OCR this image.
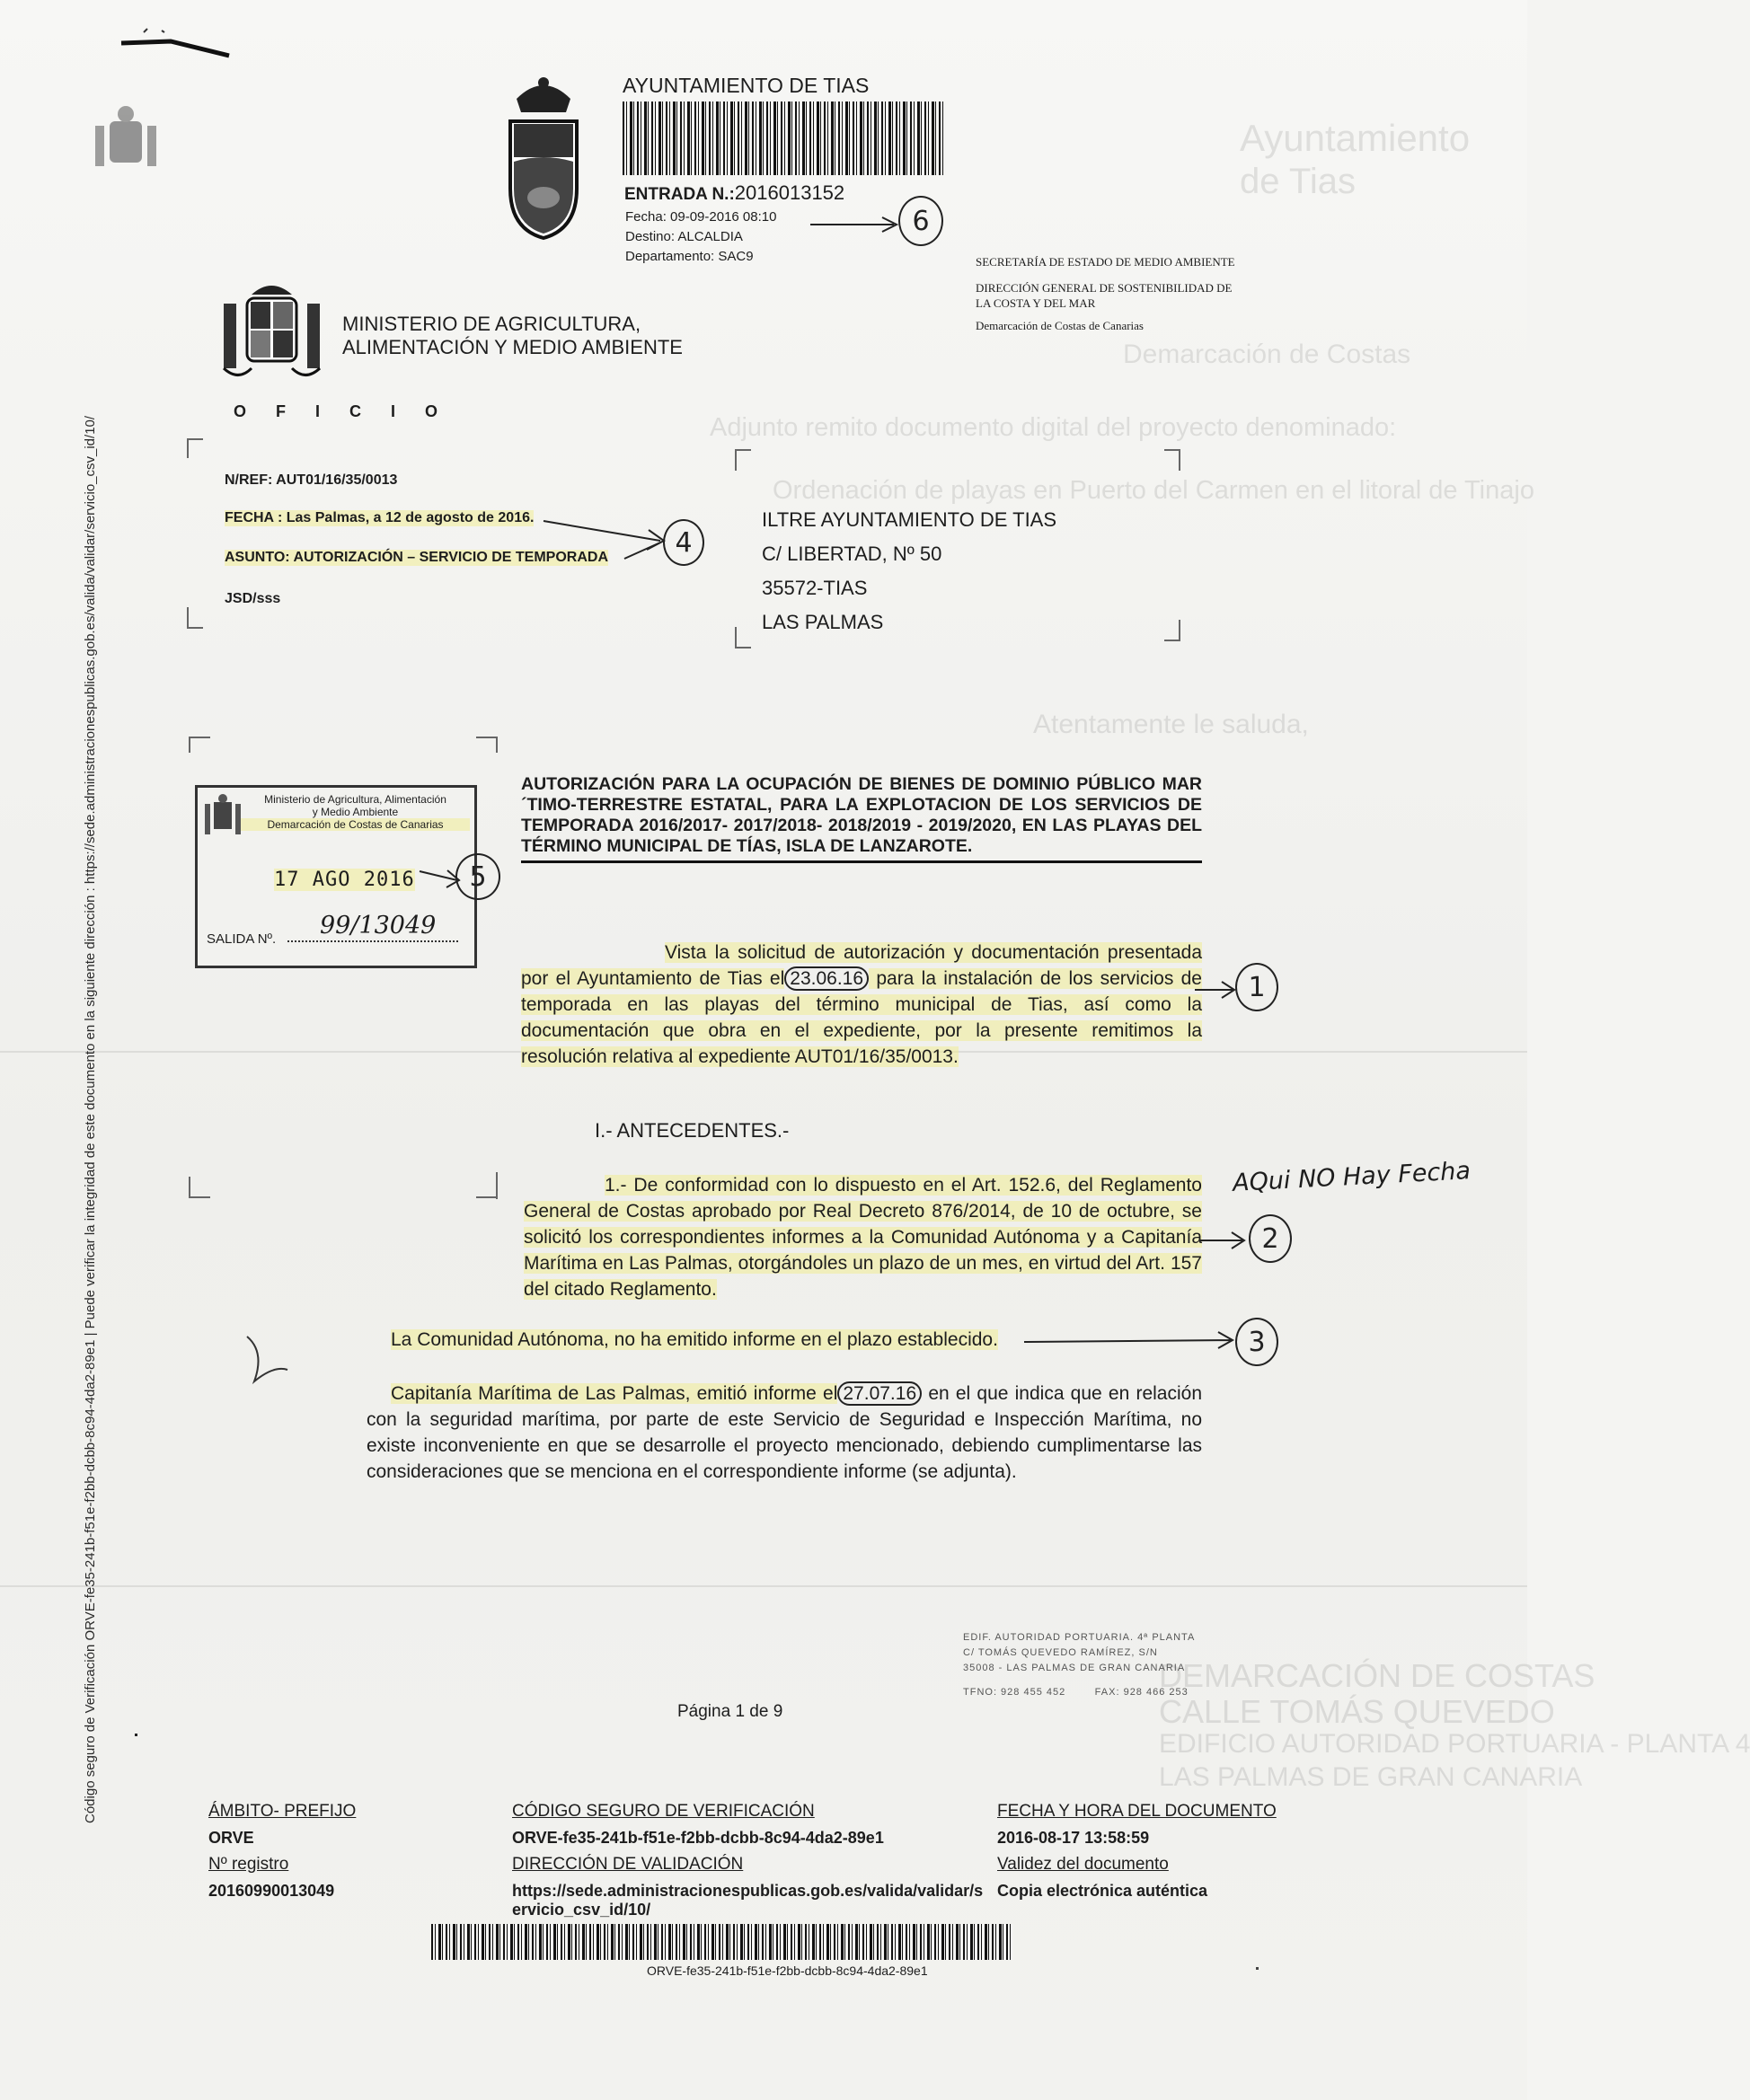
Ayuntamiento
de Tias
Demarcación de Costas
Adjunto remito documento digital del proyecto denominado:
Ordenación de playas en Puerto del Carmen en el litoral de Tinajo
Atentamente le saluda,
DEMARCACIÓN DE COSTAS
CALLE TOMÁS QUEVEDO
EDIFICIO AUTORIDAD PORTUARIA - PLANTA 4
LAS PALMAS DE GRAN CANARIA
Código seguro de Verificación ORVE-fe35-241b-f51e-f2bb-dcbb-8c94-4da2-89e1 | Puede verificar la integridad de este documento en la siguiente dirección : https://sede.administracionespublicas.gob.es/valida/validar/servicio_csv_id/10/
AYUNTAMIENTO DE TIAS
ENTRADA N.:2016013152
Fecha: 09-09-2016 08:10
Destino: ALCALDIA
Departamento: SAC9
6
MINISTERIO DE AGRICULTURA,
ALIMENTACIÓN Y MEDIO AMBIENTE
O F I C I O
SECRETARÍA DE ESTADO DE MEDIO AMBIENTE
DIRECCIÓN GENERAL DE SOSTENIBILIDAD DE
LA COSTA Y DEL MAR
Demarcación de Costas de Canarias
N/REF: AUT01/16/35/0013
FECHA : Las Palmas, a 12 de agosto de 2016.
ASUNTO: AUTORIZACIÓN – SERVICIO DE TEMPORADA
JSD/sss
4
ILTRE AYUNTAMIENTO DE TIAS
C/ LIBERTAD, Nº 50
35572-TIAS
LAS PALMAS
Ministerio de Agricultura, Alimentación
y Medio Ambiente
Demarcación de Costas de Canarias
17 AGO 2016
SALIDA Nº. 99/13049
5
AUTORIZACIÓN PARA LA OCUPACIÓN DE BIENES DE DOMINIO PÚBLICO MAR´TIMO-TERRESTRE ESTATAL, PARA LA EXPLOTACION DE LOS SERVICIOS DE TEMPORADA 2016/2017- 2017/2018- 2018/2019 - 2019/2020, EN LAS PLAYAS DEL TÉRMINO MUNICIPAL DE TÍAS, ISLA DE LANZAROTE.
Vista la solicitud de autorización y documentación presentada por el Ayuntamiento de Tias el 23.06.16 para la instalación de los servicios de temporada en las playas del término municipal de Tias, así como la documentación que obra en el expediente, por la presente remitimos la resolución relativa al expediente AUT01/16/35/0013.
1
I.- ANTECEDENTES.-
1.- De conformidad con lo dispuesto en el Art. 152.6, del Reglamento General de Costas aprobado por Real Decreto 876/2014, de 10 de octubre, se solicitó los correspondientes informes a la Comunidad Autónoma y a Capitanía Marítima en Las Palmas, otorgándoles un plazo de un mes, en virtud del Art. 157 del citado Reglamento.
2
AQui NO Hay Fecha
La Comunidad Autónoma, no ha emitido informe en el plazo establecido.	3
Capitanía Marítima de Las Palmas, emitió informe el 27.07.16 en el que indica que en relación con la seguridad marítima, por parte de este Servicio de Seguridad e Inspección Marítima, no existe inconveniente en que se desarrolle el proyecto mencionado, debiendo cumplimentarse las consideraciones que se menciona en el correspondiente informe (se adjunta).
EDIF. AUTORIDAD PORTUARIA. 4ª PLANTA
C/ TOMÁS QUEVEDO RAMÍREZ, S/N
35008 - LAS PALMAS DE GRAN CANARIA
TFNO: 928 455 452        FAX: 928 466 253
Página 1 de 9
ÁMBITO- PREFIJO
ORVE
Nº registro
20160990013049
CÓDIGO SEGURO DE VERIFICACIÓN
ORVE-fe35-241b-f51e-f2bb-dcbb-8c94-4da2-89e1
DIRECCIÓN DE VALIDACIÓN
https://sede.administracionespublicas.gob.es/valida/validar/servicio_csv_id/10/
FECHA Y HORA DEL DOCUMENTO
2016-08-17 13:58:59
Validez del documento
Copia electrónica auténtica
ORVE-fe35-241b-f51e-f2bb-dcbb-8c94-4da2-89e1
